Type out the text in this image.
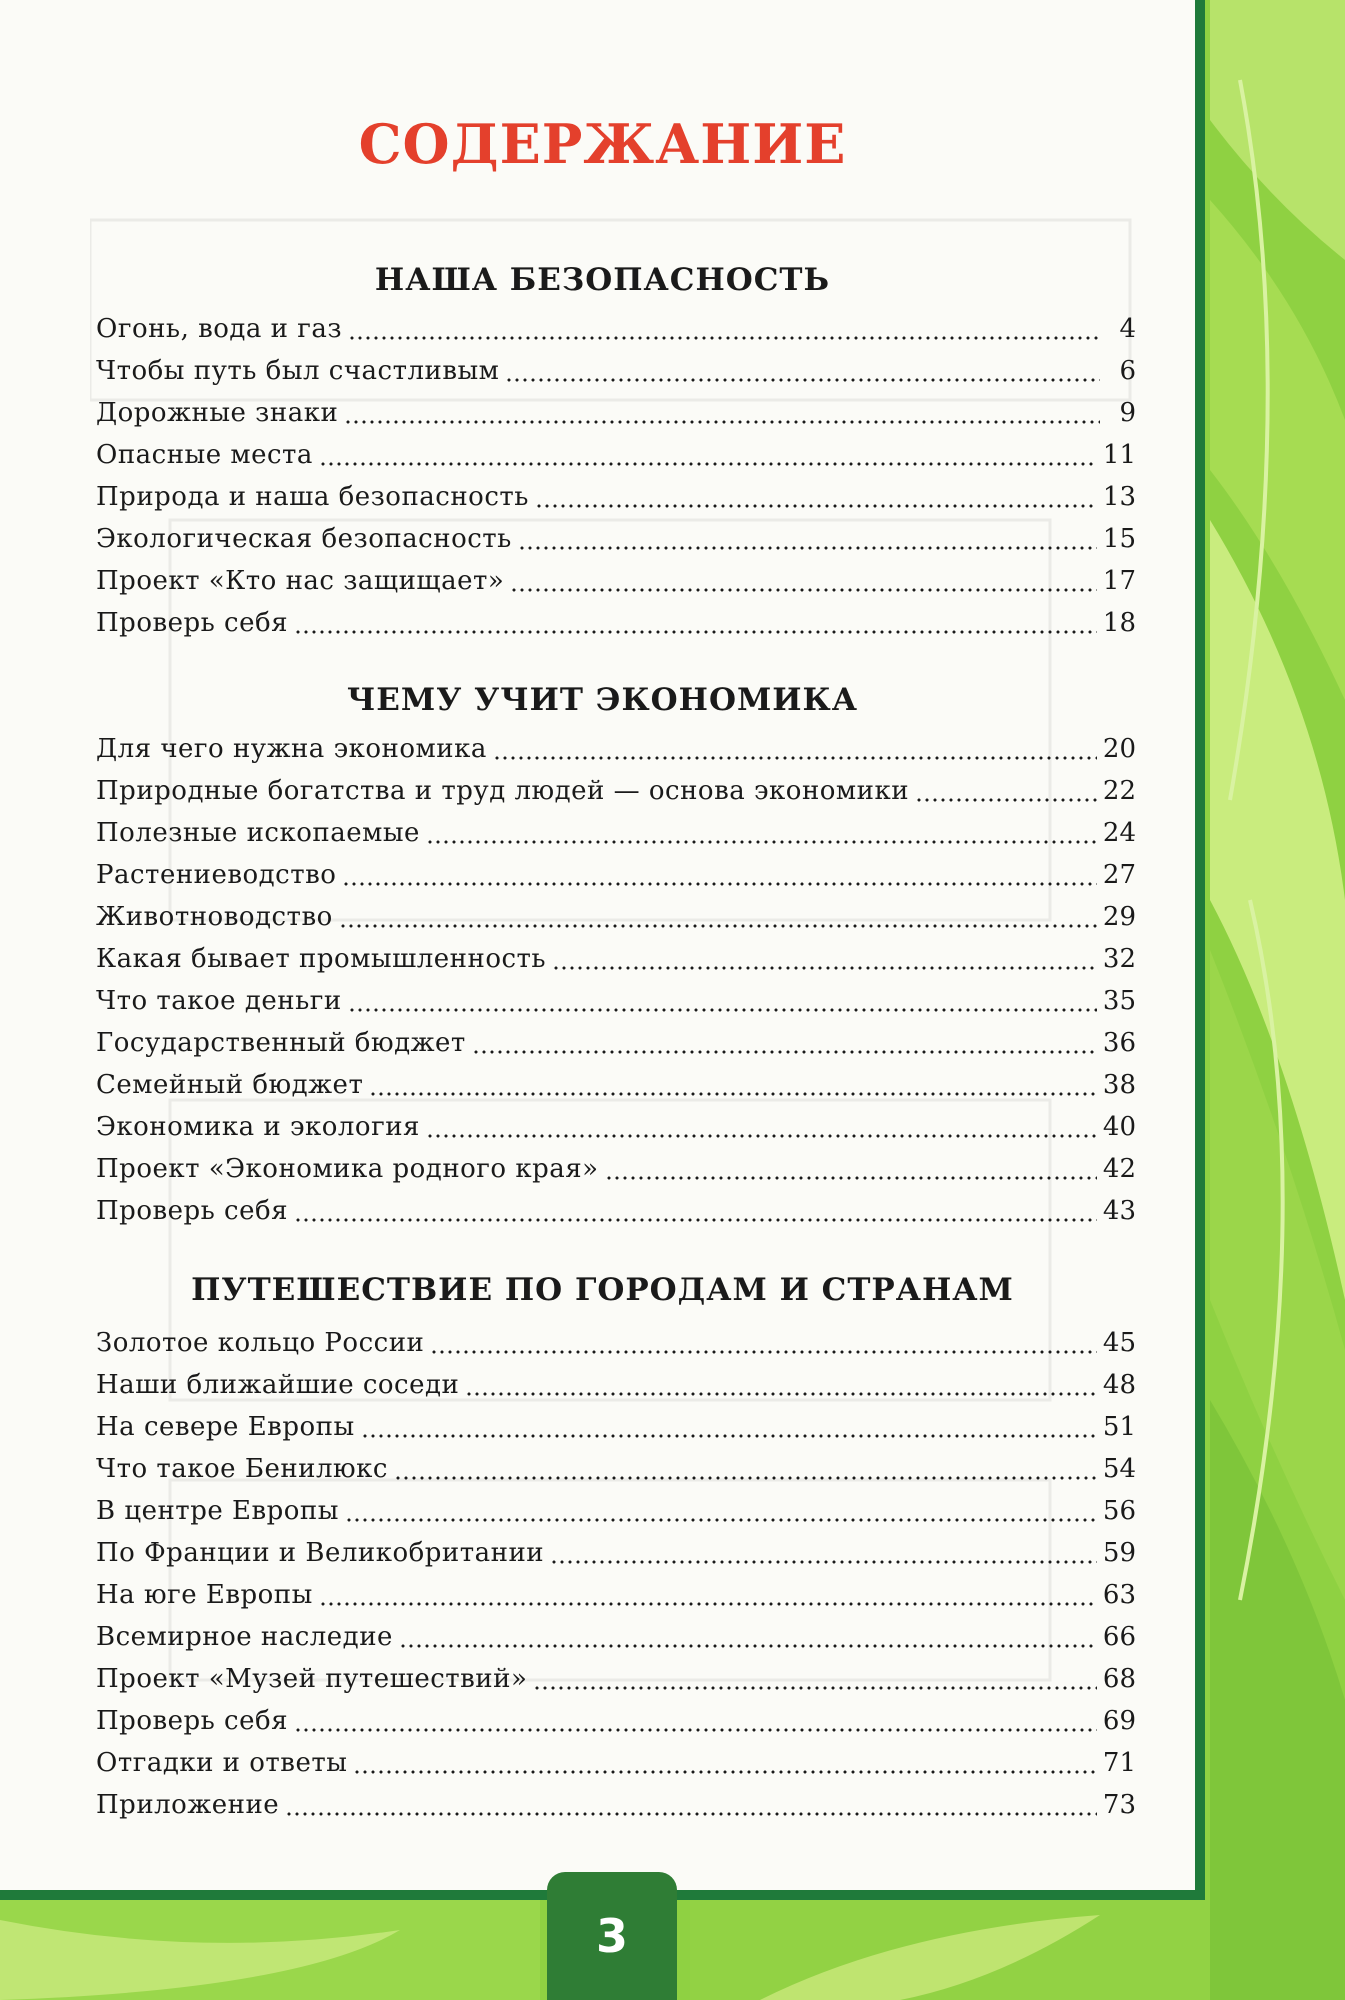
СОДЕРЖАНИЕ
НАША БЕЗОПАСНОСТЬ
Огонь, вода и газ	4
Чтобы путь был счастливым	6
Дорожные знаки	9
Опасные места	11
Природа и наша безопасность	13
Экологическая безопасность	15
Проект «Кто нас защищает»	17
Проверь себя	18
ЧЕМУ УЧИТ ЭКОНОМИКА
Для чего нужна экономика	20
Природные богатства и труд людей — основа экономики	22
Полезные ископаемые	24
Растениеводство	27
Животноводство	29
Какая бывает промышленность	32
Что такое деньги	35
Государственный бюджет	36
Семейный бюджет	38
Экономика и экология	40
Проект «Экономика родного края»	42
Проверь себя	43
ПУТЕШЕСТВИЕ ПО ГОРОДАМ И СТРАНАМ
Золотое кольцо России	45
Наши ближайшие соседи	48
На севере Европы	51
Что такое Бенилюкс	54
В центре Европы	56
По Франции и Великобритании	59
На юге Европы	63
Всемирное наследие	66
Проект «Музей путешествий»	68
Проверь себя	69
Отгадки и ответы	71
Приложение	73
3
